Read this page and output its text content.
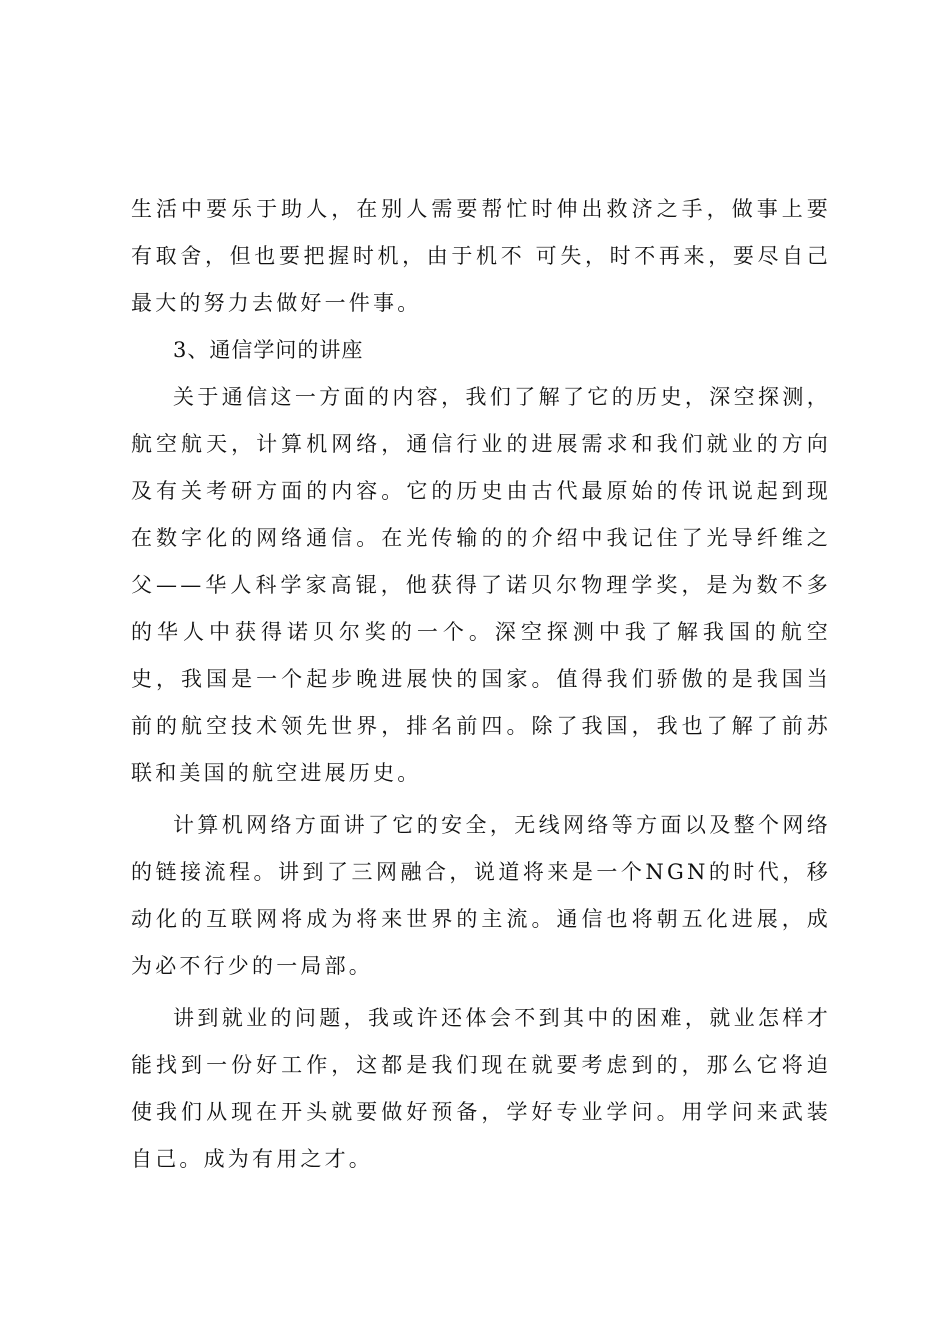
生活中要乐于助人，在别人需要帮忙时伸出救济之手，做事上要有取舍，但也要把握时机，由于机不 可失，时不再来，要尽自己最大的努力去做好一件事。

3、通信学问的讲座

关于通信这一方面的内容，我们了解了它的历史，深空探测，航空航天，计算机网络，通信行业的进展需求和我们就业的方向及有关考研方面的内容。它的历史由古代最原始的传讯说起到现在数字化的网络通信。在光传输的的介绍中我记住了光导纤维之父——华人科学家高锟，他获得了诺贝尔物理学奖，是为数不多的华人中获得诺贝尔奖的一个。深空探测中我了解我国的航空史，我国是一个起步晚进展快的国家。值得我们骄傲的是我国当前的航空技术领先世界，排名前四。除了我国，我也了解了前苏联和美国的航空进展历史。

计算机网络方面讲了它的安全，无线网络等方面以及整个网络的链接流程。讲到了三网融合，说道将来是一个NGN的时代，移动化的互联网将成为将来世界的主流。通信也将朝五化进展，成为必不行少的一局部。

讲到就业的问题，我或许还体会不到其中的困难，就业怎样才能找到一份好工作，这都是我们现在就要考虑到的，那么它将迫使我们从现在开头就要做好预备，学好专业学问。用学问来武装自己。成为有用之才。
